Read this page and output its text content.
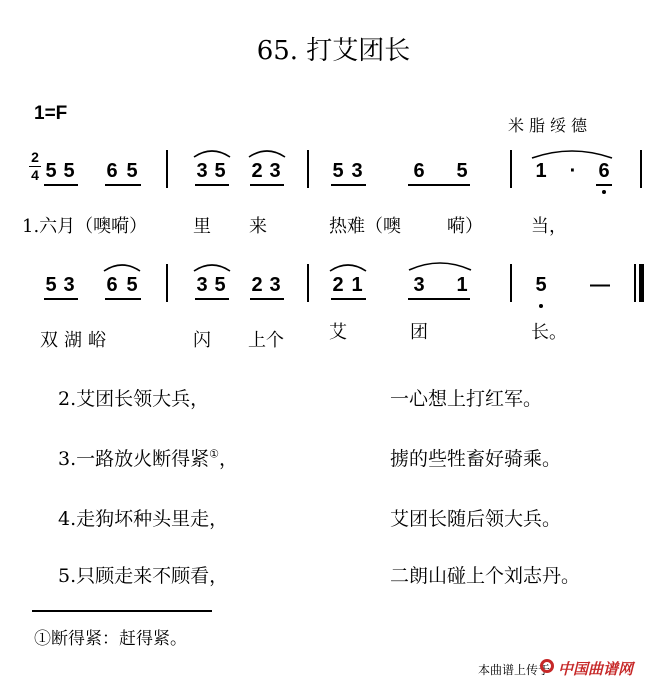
65. 打艾团长
1=F
米脂绥德
2
4 5 5 6 5	3 5 2 3	5 3	6 5	1 · 6
1.六月（噢嗬）	里 来	热难（噢	嗬）	当，
5 3 6 5	3 5 2 3	2 1	3 1	5 —
双湖峪	闪 上个	艾	团	长。
2.艾团长领大兵，	一心想上打红军。
3.一路放火断得紧①，	掳的些牲畜好骑乘。
4.走狗坏种头里走，	艾团长随后领大兵。
5.只顾走来不顾看，	二朗山碰上个刘志丹。
①断得紧：赶得紧。
本曲谱上传于 中国曲谱网
